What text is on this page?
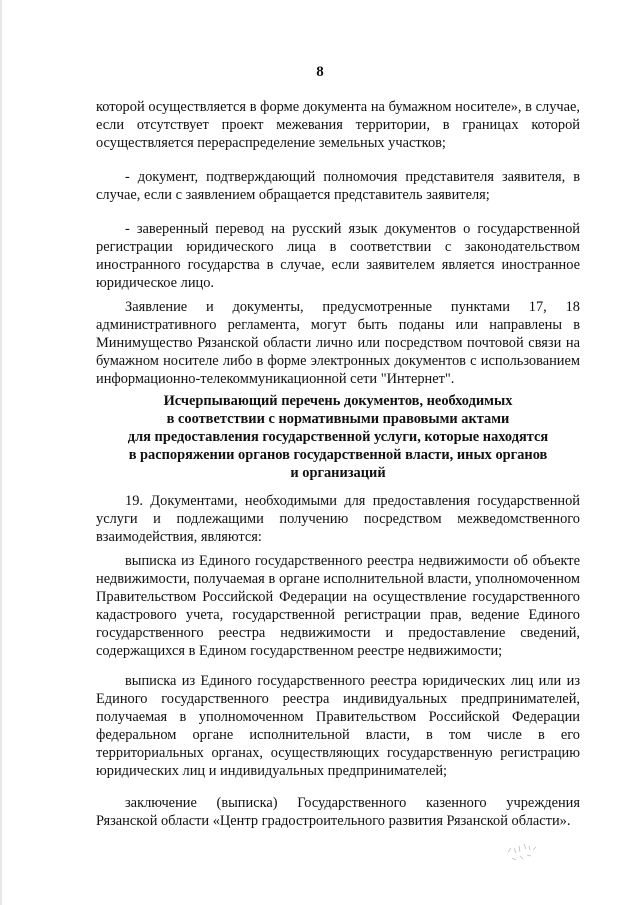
8

которой осуществляется в форме документа на бумажном носителе», в случае, если отсутствует проект межевания территории, в границах которой осуществляется перераспределение земельных участков;

- документ, подтверждающий полномочия представителя заявителя, в случае, если с заявлением обращается представитель заявителя;

- заверенный перевод на русский язык документов о государственной регистрации юридического лица в соответствии с законодательством иностранного государства в случае, если заявителем является иностранное юридическое лицо.

Заявление и документы, предусмотренные пунктами 17, 18 административного регламента, могут быть поданы или направлены в Минимущество Рязанской области лично или посредством почтовой связи на бумажном носителе либо в форме электронных документов с использованием информационно-телекоммуникационной сети "Интернет".

Исчерпывающий перечень документов, необходимых
в соответствии с нормативными правовыми актами
для предоставления государственной услуги, которые находятся
в распоряжении органов государственной власти, иных органов
и организаций

19. Документами, необходимыми для предоставления государственной услуги и подлежащими получению посредством межведомственного взаимодействия, являются:

выписка из Единого государственного реестра недвижимости об объекте недвижимости, получаемая в органе исполнительной власти, уполномоченном Правительством Российской Федерации на осуществление государственного кадастрового учета, государственной регистрации прав, ведение Единого государственного реестра недвижимости и предоставление сведений, содержащихся в Едином государственном реестре недвижимости;

выписка из Единого государственного реестра юридических лиц или из Единого государственного реестра индивидуальных предпринимателей, получаемая в уполномоченном Правительством Российской Федерации федеральном органе исполнительной власти, в том числе в его территориальных органах, осуществляющих государственную регистрацию юридических лиц и индивидуальных предпринимателей;

заключение (выписка) Государственного казенного учреждения Рязанской области «Центр градостроительного развития Рязанской области».
